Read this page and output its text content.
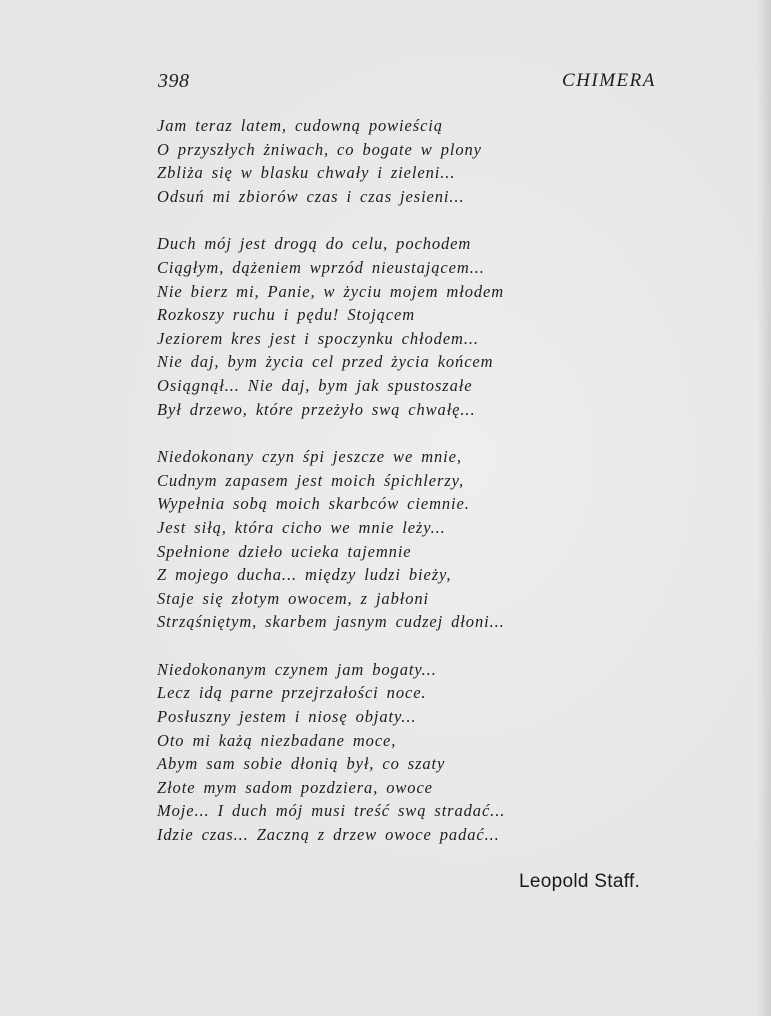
398	CHIMERA
Jam teraz latem, cudowną powieścią
O przyszłych żniwach, co bogate w plony
Zbliża się w blasku chwały i zieleni...
Odsuń mi zbiorów czas i czas jesieni...
Duch mój jest drogą do celu, pochodem
Ciągłym, dążeniem wprzód nieustającem...
Nie bierz mi, Panie, w życiu mojem młodem
Rozkoszy ruchu i pędu! Stojącem
Jeziorem kres jest i spoczynku chłodem...
Nie daj, bym życia cel przed życia końcem
Osiągnął... Nie daj, bym jak spustoszałe
Był drzewo, które przeżyło swą chwałę...
Niedokonany czyn śpi jeszcze we mnie,
Cudnym zapasem jest moich śpichlerzy,
Wypełnia sobą moich skarbców ciemnie.
Jest siłą, która cicho we mnie leży...
Spełnione dzieło ucieka tajemnie
Z mojego ducha... między ludzi bieży,
Staje się złotym owocem, z jabłoni
Strząśniętym, skarbem jasnym cudzej dłoni...
Niedokonanym czynem jam bogaty...
Lecz idą parne przejrzałości noce.
Posłuszny jestem i niosę objaty...
Oto mi każą niezbadane moce,
Abym sam sobie dłonią był, co szaty
Złote mym sadom pozdziera, owoce
Moje... I duch mój musi treść swą stradać...
Idzie czas... Zaczną z drzew owoce padać...
Leopold Staff.
